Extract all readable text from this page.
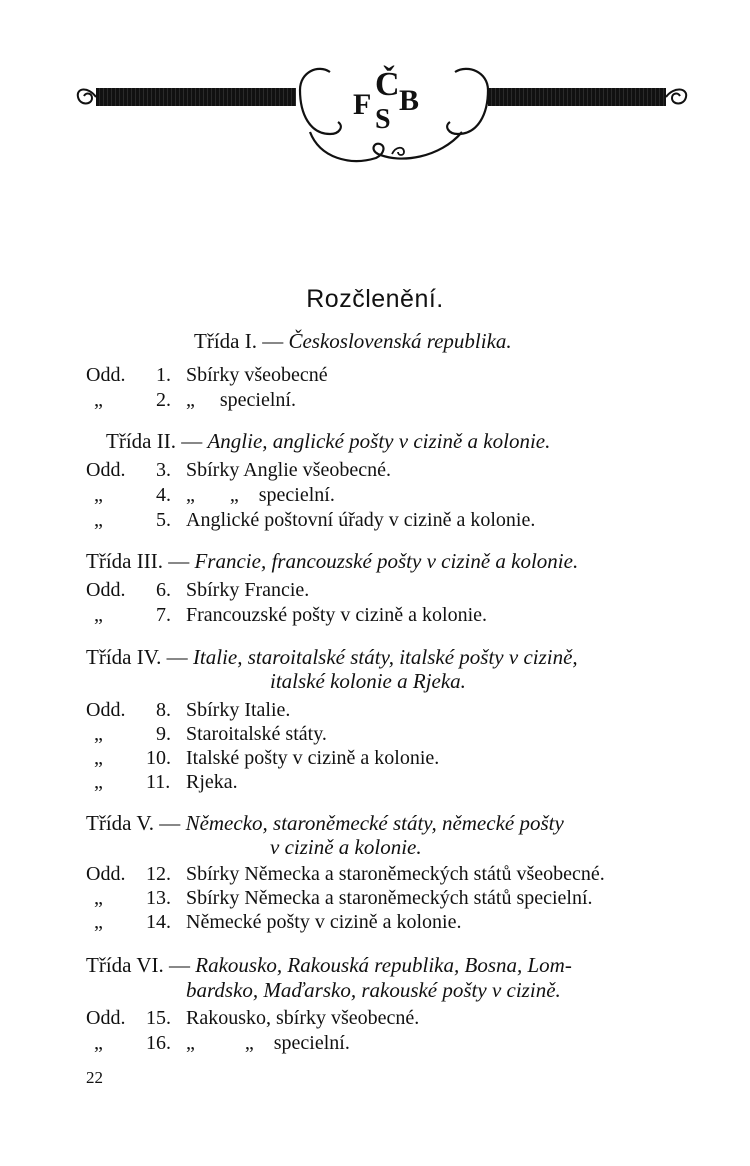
F
Č B
S
Rozčlenění.
Třída I. — Československá republika.
Odd. 1. Sbírky všeobecné
„	2. „     specielní.
Třída II. — Anglie, anglické pošty v cizině a kolonie.
Odd. 3. Sbírky Anglie všeobecné.
„	4. „       „    specielní.
„	5. Anglické poštovní úřady v cizině a kolonie.
Třída III. — Francie, francouzské pošty v cizině a kolonie.
Odd. 6. Sbírky Francie.
„	7. Francouzské pošty v cizině a kolonie.
Třída IV. — Italie, staroitalské státy, italské pošty v cizině,
italské kolonie a Rjeka.
Odd. 8. Sbírky Italie.
„	9. Staroitalské státy.
„ 10. Italské pošty v cizině a kolonie.
„ 11. Rjeka.
Třída V. — Německo, staroněmecké státy, německé pošty
v cizině a kolonie.
Odd. 12. Sbírky Německa a staroněmeckých států všeobecné.
„ 13. Sbírky Německa a staroněmeckých států specielní.
„ 14. Německé pošty v cizině a kolonie.
Třída VI. — Rakousko, Rakouská republika, Bosna, Lom-
bardsko, Maďarsko, rakouské pošty v cizině.
Odd. 15. Rakousko, sbírky všeobecné.
„ 16. „          „    specielní.
22
